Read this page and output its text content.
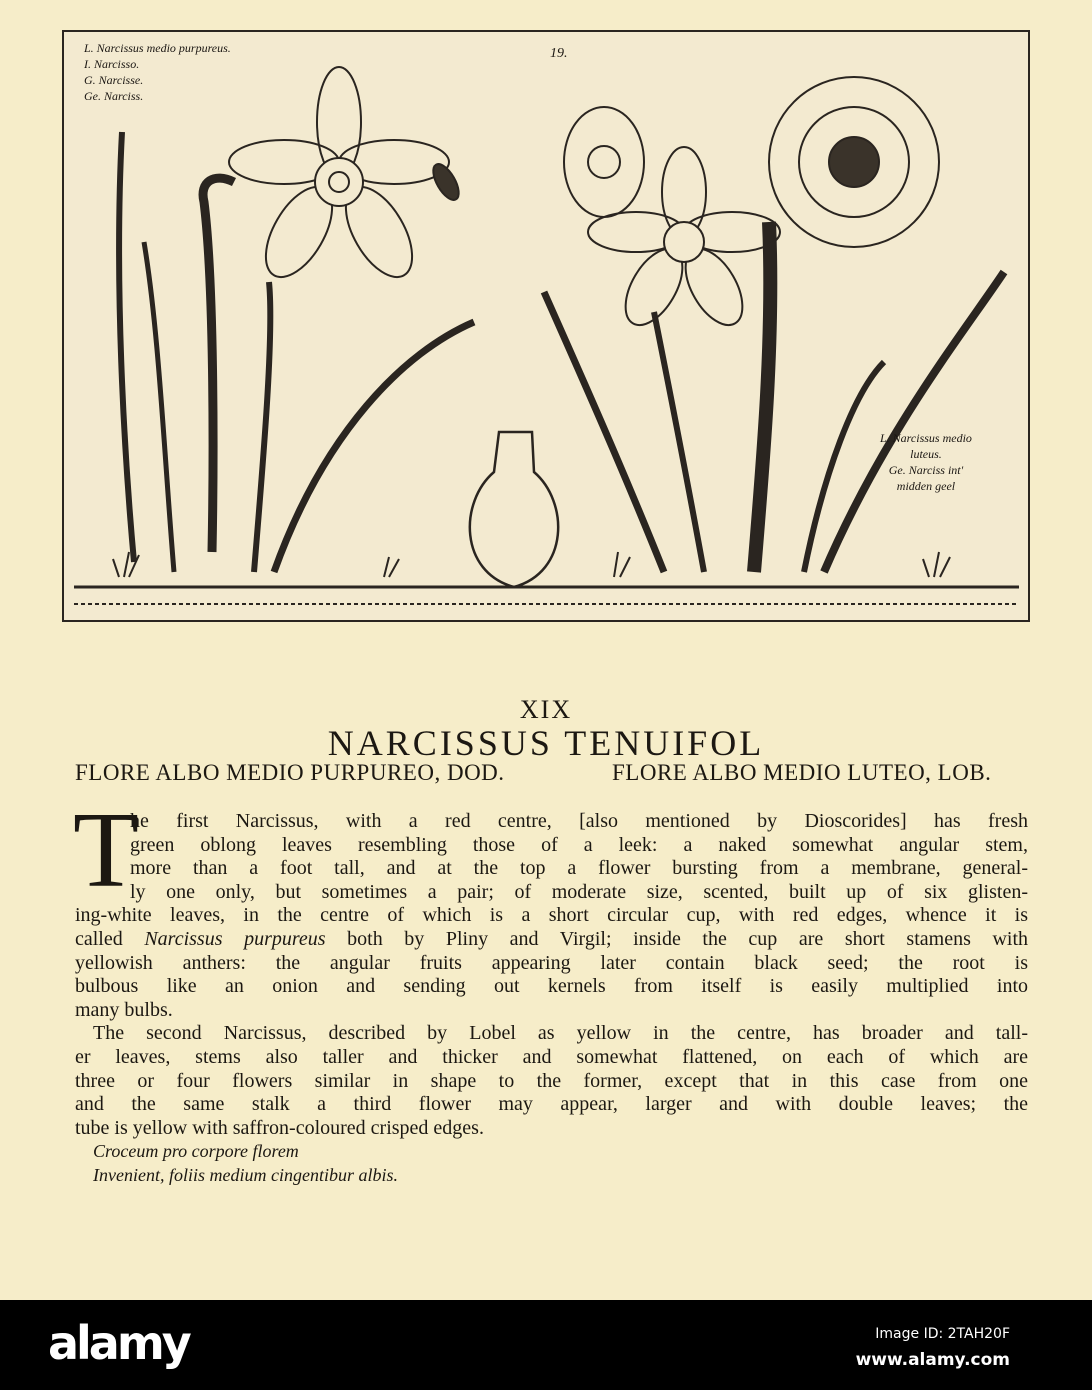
L. Narcissus medio purpureus.
I. Narcisso.
G. Narcisse.
Ge. Narciss.
19.
L. Narcissus medio
luteus.
Ge. Narciss int'
midden geel
XIX
NARCISSUS TENUIFOL
FLORE ALBO MEDIO PURPUREO, DOD.	FLORE ALBO MEDIO LUTEO, LOB.
T
he first Narcissus, with a red centre, [also mentioned by Dioscorides] has fresh
green oblong leaves resembling those of a leek: a naked somewhat angular stem,
more than a foot tall, and at the top a flower bursting from a membrane, general-
ly one only, but sometimes a pair; of moderate size, scented, built up of six glisten-
ing-white leaves, in the centre of which is a short circular cup, with red edges, whence it is
called Narcissus purpureus both by Pliny and Virgil; inside the cup are short stamens with
yellowish anthers: the angular fruits appearing later contain black seed; the root is
bulbous like an onion and sending out kernels from itself is easily multiplied into
many bulbs.
The second Narcissus, described by Lobel as yellow in the centre, has broader and tall-
er leaves, stems also taller and thicker and somewhat flattened, on each of which are
three or four flowers similar in shape to the former, except that in this case from one
and the same stalk a third flower may appear, larger and with double leaves; the
tube is yellow with saffron-coloured crisped edges.
Croceum pro corpore florem
Invenient, foliis medium cingentibur albis.
alamy	Image ID: 2TAH20F
www.alamy.com
